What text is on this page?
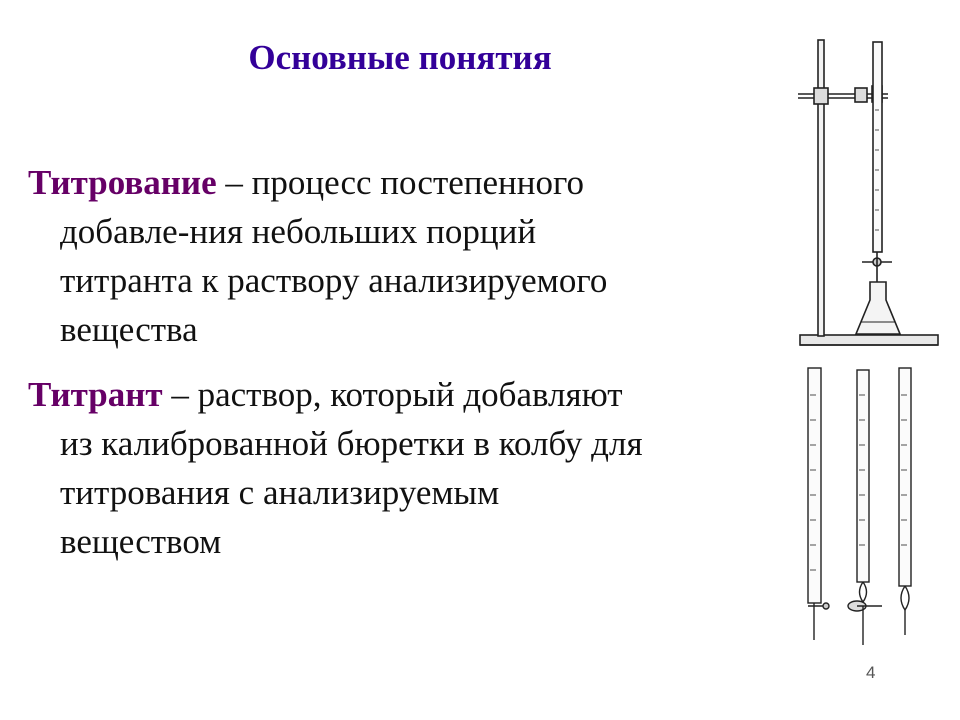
Основные понятия
Титрование – процесс постепенного
добавле-ния небольших порций
титранта к раствору анализируемого
вещества
Титрант – раствор, который добавляют
из калиброванной бюретки в колбу для
титрования с анализируемым
веществом
4
